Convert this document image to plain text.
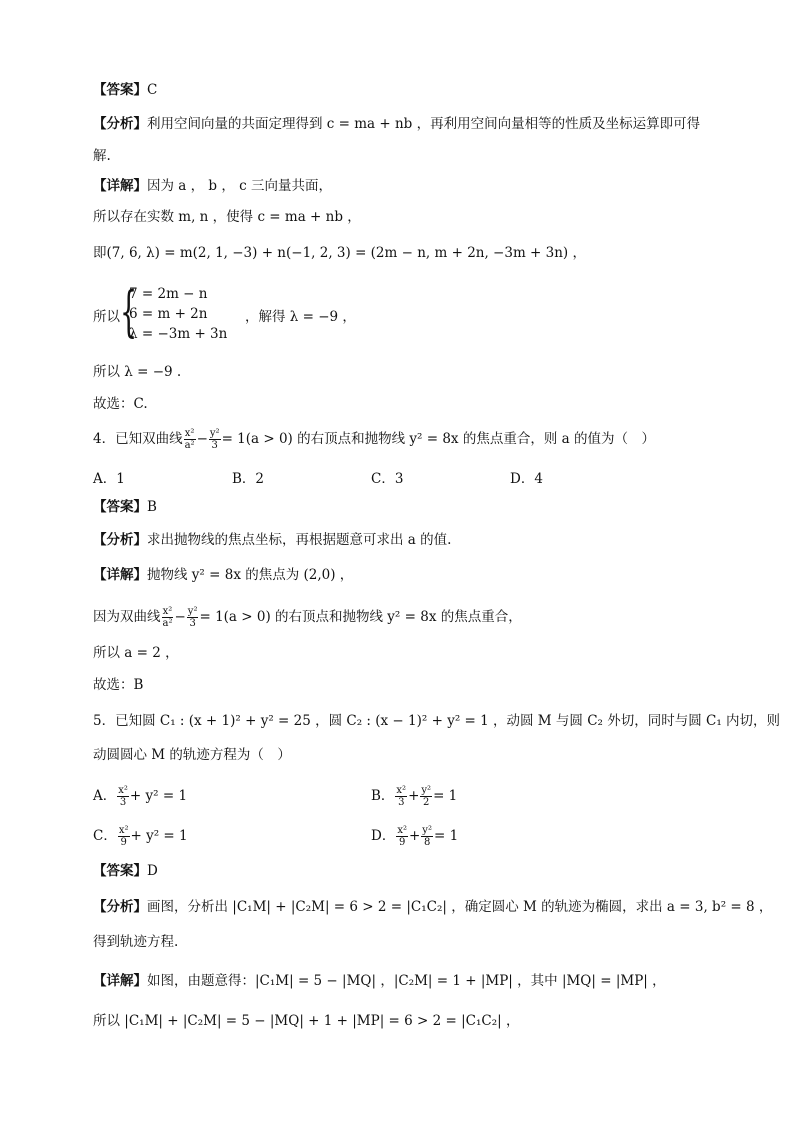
【答案】C
【分析】利用空间向量的共面定理得到 c = ma + nb ，再利用空间向量相等的性质及坐标运算即可得
解.
【详解】因为 a ， b ， c 三向量共面，
所以存在实数 m, n ，使得 c = ma + nb ，
即(7, 6, λ) = m(2, 1, −3) + n(−1, 2, 3) = (2m − n, m + 2n, −3m + 3n) ，
所以 {
7 = 2m − n
6 = m + 2n
λ = −3m + 3n
，解得 λ = −9 ，
所以 λ = −9 .
故选：C.
4．已知双曲线 $\frac{\text{x²}}{\text{a²}} - \frac{\text{y²}}{3} = 1(a > 0)$ 的右顶点和抛物线 y² = 8x 的焦点重合，则 a 的值为（　）
A．1	B．2	C．3	D．4
【答案】B
【分析】求出抛物线的焦点坐标，再根据题意可求出 a 的值.
【详解】抛物线 y² = 8x 的焦点为 (2,0) ，
因为双曲线 $\frac{\text{x²}}{\text{a²}} - \frac{\text{y²}}{3} = 1(a > 0)$ 的右顶点和抛物线 y² = 8x 的焦点重合，
所以 a = 2 ，
故选：B
5．已知圆 C₁ : (x + 1)² + y² = 25 ，圆 C₂ : (x − 1)² + y² = 1 ，动圆 M 与圆 C₂ 外切，同时与圆 C₁ 内切，则
动圆圆心 M 的轨迹方程为（　）
A． $\frac{\text{x²}}{3} + y^2 = 1$	B． $\frac{\text{x²}}{3} + \frac{\text{y²}}{2} = 1$
C． $\frac{\text{x²}}{9} + y^2 = 1$	D． $\frac{\text{x²}}{9} + \frac{\text{y²}}{8} = 1$
【答案】D
【分析】画图，分析出 |C₁M| + |C₂M| = 6 > 2 = |C₁C₂| ，确定圆心 M 的轨迹为椭圆，求出 a = 3, b² = 8 ，
得到轨迹方程.
【详解】如图，由题意得：|C₁M| = 5 − |MQ| ，|C₂M| = 1 + |MP| ，其中 |MQ| = |MP| ，
所以 |C₁M| + |C₂M| = 5 − |MQ| + 1 + |MP| = 6 > 2 = |C₁C₂| ，
